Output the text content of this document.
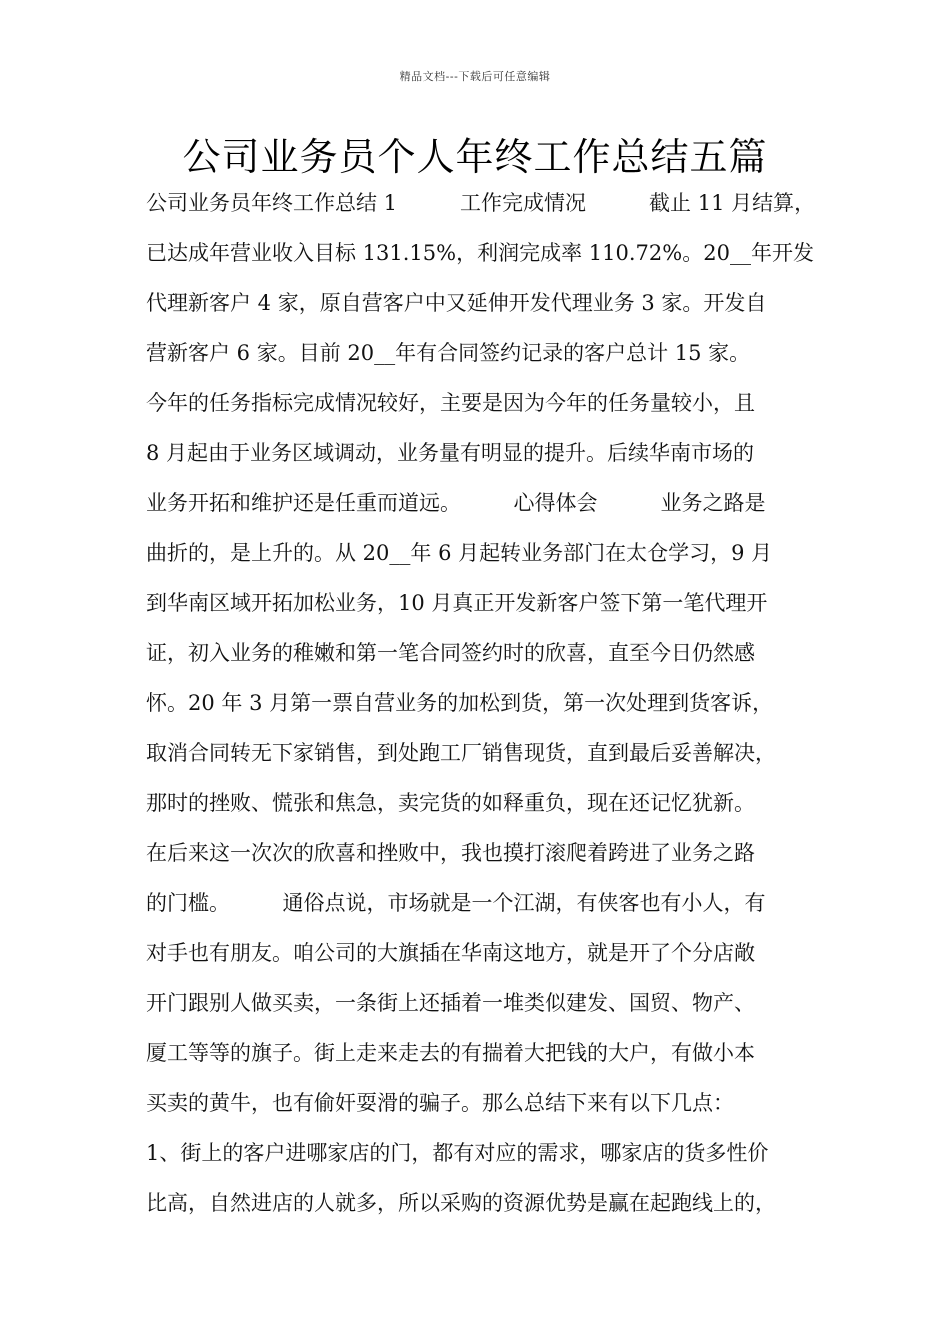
精品文档---下载后可任意编辑
公司业务员个人年终工作总结五篇
公司业务员年终工作总结 1　　　工作完成情况　　　截止 11 月结算，
已达成年营业收入目标 131.15%，利润完成率 110.72%。20__年开发
代理新客户 4 家，原自营客户中又延伸开发代理业务 3 家。开发自
营新客户 6 家。目前 20__年有合同签约记录的客户总计 15 家。
今年的任务指标完成情况较好，主要是因为今年的任务量较小，且
8 月起由于业务区域调动，业务量有明显的提升。后续华南市场的
业务开拓和维护还是任重而道远。　　　心得体会　　　业务之路是
曲折的，是上升的。从 20__年 6 月起转业务部门在太仓学习，9 月
到华南区域开拓加松业务，10 月真正开发新客户签下第一笔代理开
证，初入业务的稚嫩和第一笔合同签约时的欣喜，直至今日仍然感
怀。20 年 3 月第一票自营业务的加松到货，第一次处理到货客诉，
取消合同转无下家销售，到处跑工厂销售现货，直到最后妥善解决，
那时的挫败、慌张和焦急，卖完货的如释重负，现在还记忆犹新。
在后来这一次次的欣喜和挫败中，我也摸打滚爬着跨进了业务之路
的门槛。　　　通俗点说，市场就是一个江湖，有侠客也有小人，有
对手也有朋友。咱公司的大旗插在华南这地方，就是开了个分店敞
开门跟别人做买卖，一条街上还插着一堆类似建发、国贸、物产、
厦工等等的旗子。街上走来走去的有揣着大把钱的大户，有做小本
买卖的黄牛，也有偷奸耍滑的骗子。那么总结下来有以下几点：
1、街上的客户进哪家店的门，都有对应的需求，哪家店的货多性价
比高，自然进店的人就多，所以采购的资源优势是赢在起跑线上的，
